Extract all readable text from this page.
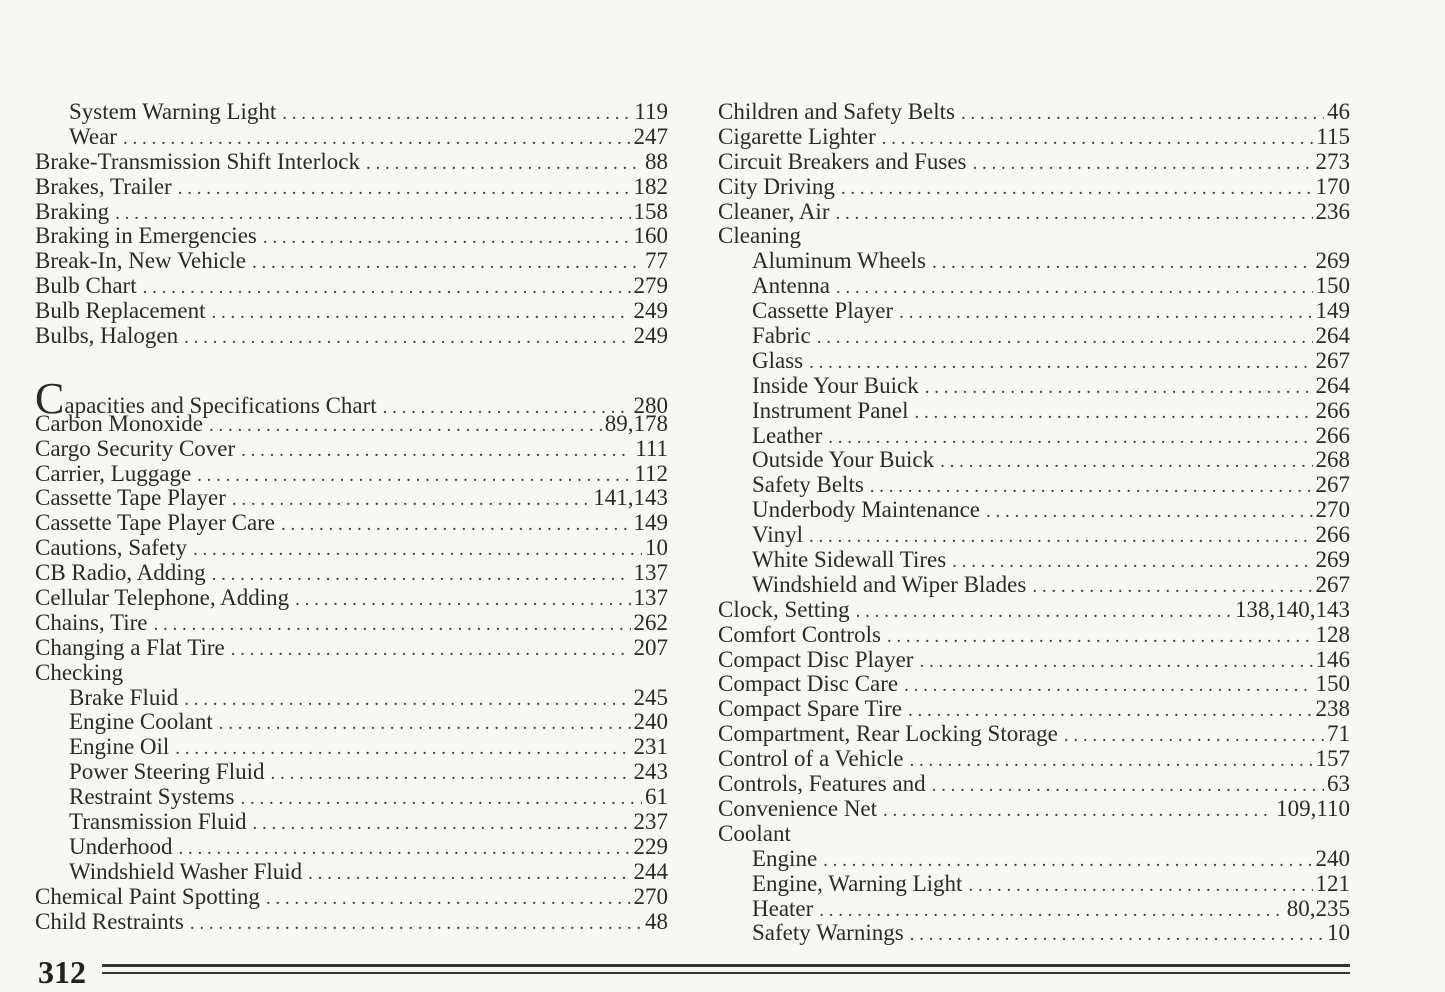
System Warning Light . . .	119
Wear . . .	247
Brake-Transmission Shift Interlock . . .	88
Brakes, Trailer . . .	182
Braking . . .	158
Braking in Emergencies . . .	160
Break-In, New Vehicle . . .	77
Bulb Chart . . .	279
Bulb Replacement . . .	249
Bulbs, Halogen . . .	249
Capacities and Specifications Chart . . .	280
Carbon Monoxide . . .	89,178
Cargo Security Cover . . .	111
Carrier, Luggage . . .	112
Cassette Tape Player . . .	141,143
Cassette Tape Player Care . . .	149
Cautions, Safety . . .	10
CB Radio, Adding . . .	137
Cellular Telephone, Adding . . .	137
Chains, Tire . . .	262
Changing a Flat Tire . . .	207
Checking
Brake Fluid . . .	245
Engine Coolant . . .	240
Engine Oil . . .	231
Power Steering Fluid . . .	243
Restraint Systems . . .	61
Transmission Fluid . . .	237
Underhood . . .	229
Windshield Washer Fluid . . .	244
Chemical Paint Spotting . . .	270
Child Restraints . . .	48
Children and Safety Belts . . .	46
Cigarette Lighter . . .	115
Circuit Breakers and Fuses . . .	273
City Driving . . .	170
Cleaner, Air . . .	236
Cleaning
Aluminum Wheels . . .	269
Antenna . . .	150
Cassette Player . . .	149
Fabric . . .	264
Glass . . .	267
Inside Your Buick . . .	264
Instrument Panel . . .	266
Leather . . .	266
Outside Your Buick . . .	268
Safety Belts . . .	267
Underbody Maintenance . . .	270
Vinyl . . .	266
White Sidewall Tires . . .	269
Windshield and Wiper Blades . . .	267
Clock, Setting . . .	138,140,143
Comfort Controls . . .	128
Compact Disc Player . . .	146
Compact Disc Care . . .	150
Compact Spare Tire . . .	238
Compartment, Rear Locking Storage . . .	71
Control of a Vehicle . . .	157
Controls, Features and . . .	63
Convenience Net . . .	109,110
Coolant
Engine . . .	240
Engine, Warning Light . . .	121
Heater . . .	80,235
Safety Warnings . . .	10
312
